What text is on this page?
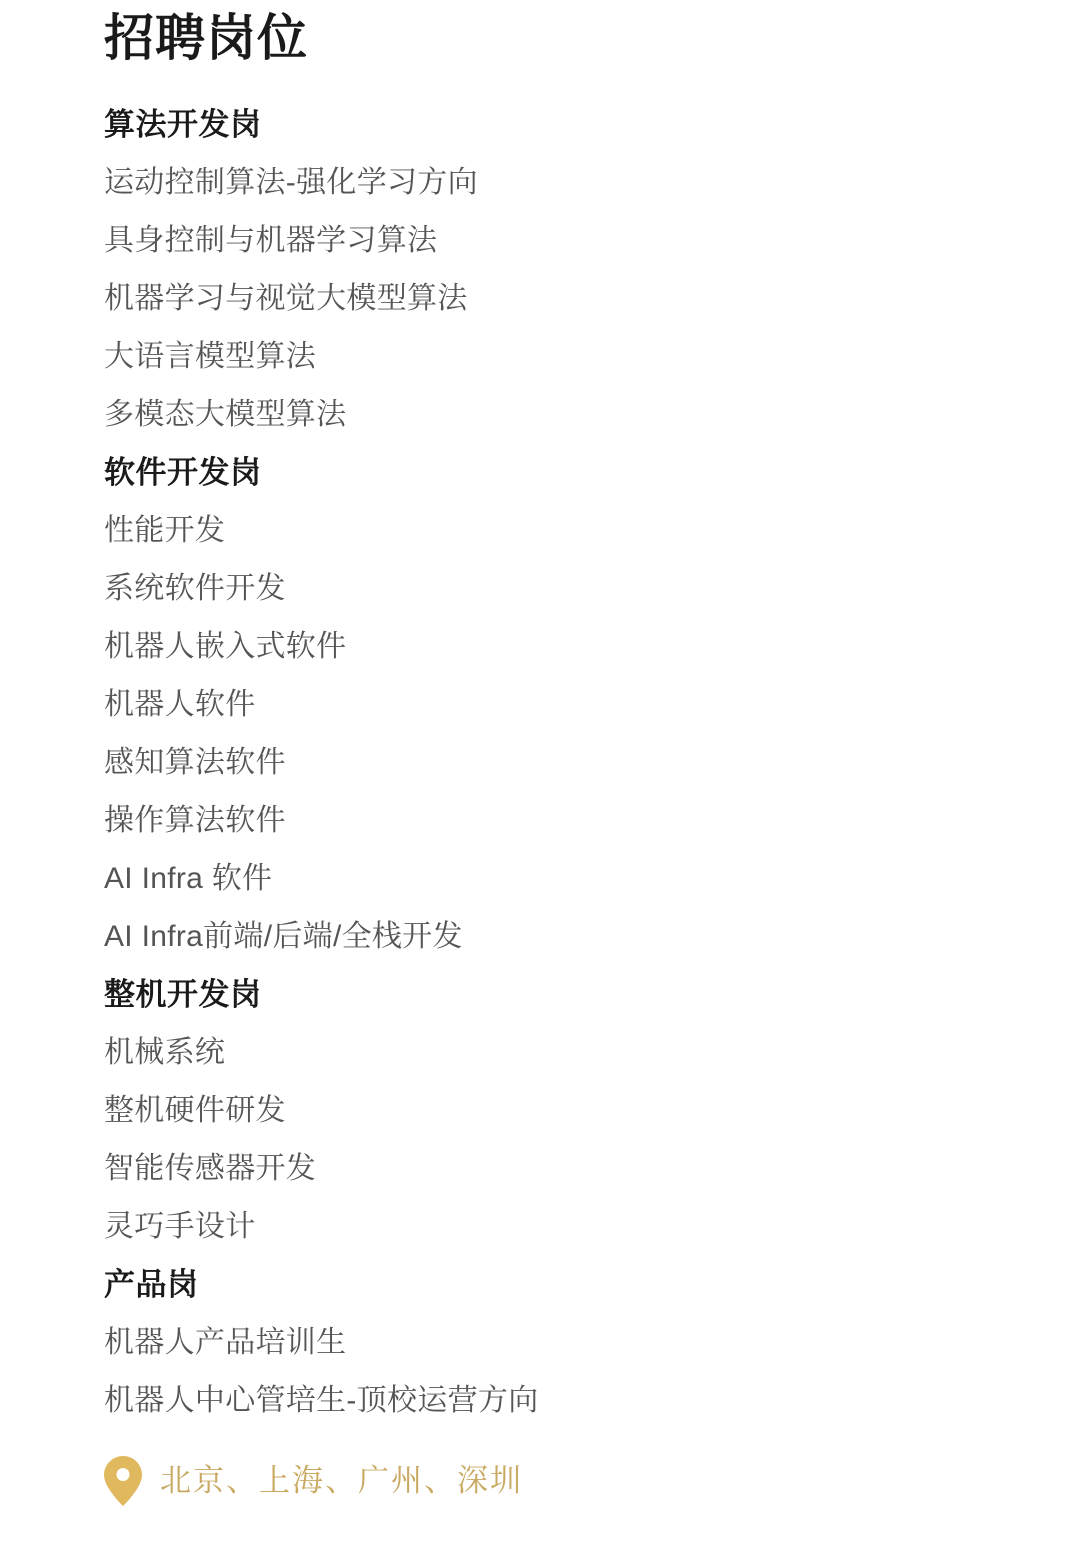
招聘岗位
算法开发岗
运动控制算法-强化学习方向
具身控制与机器学习算法
机器学习与视觉大模型算法
大语言模型算法
多模态大模型算法
软件开发岗
性能开发
系统软件开发
机器人嵌入式软件
机器人软件
感知算法软件
操作算法软件
AI Infra 软件
AI Infra前端/后端/全栈开发
整机开发岗
机械系统
整机硬件研发
智能传感器开发
灵巧手设计
产品岗
机器人产品培训生
机器人中心管培生-顶校运营方向
北京、上海、广州、深圳
